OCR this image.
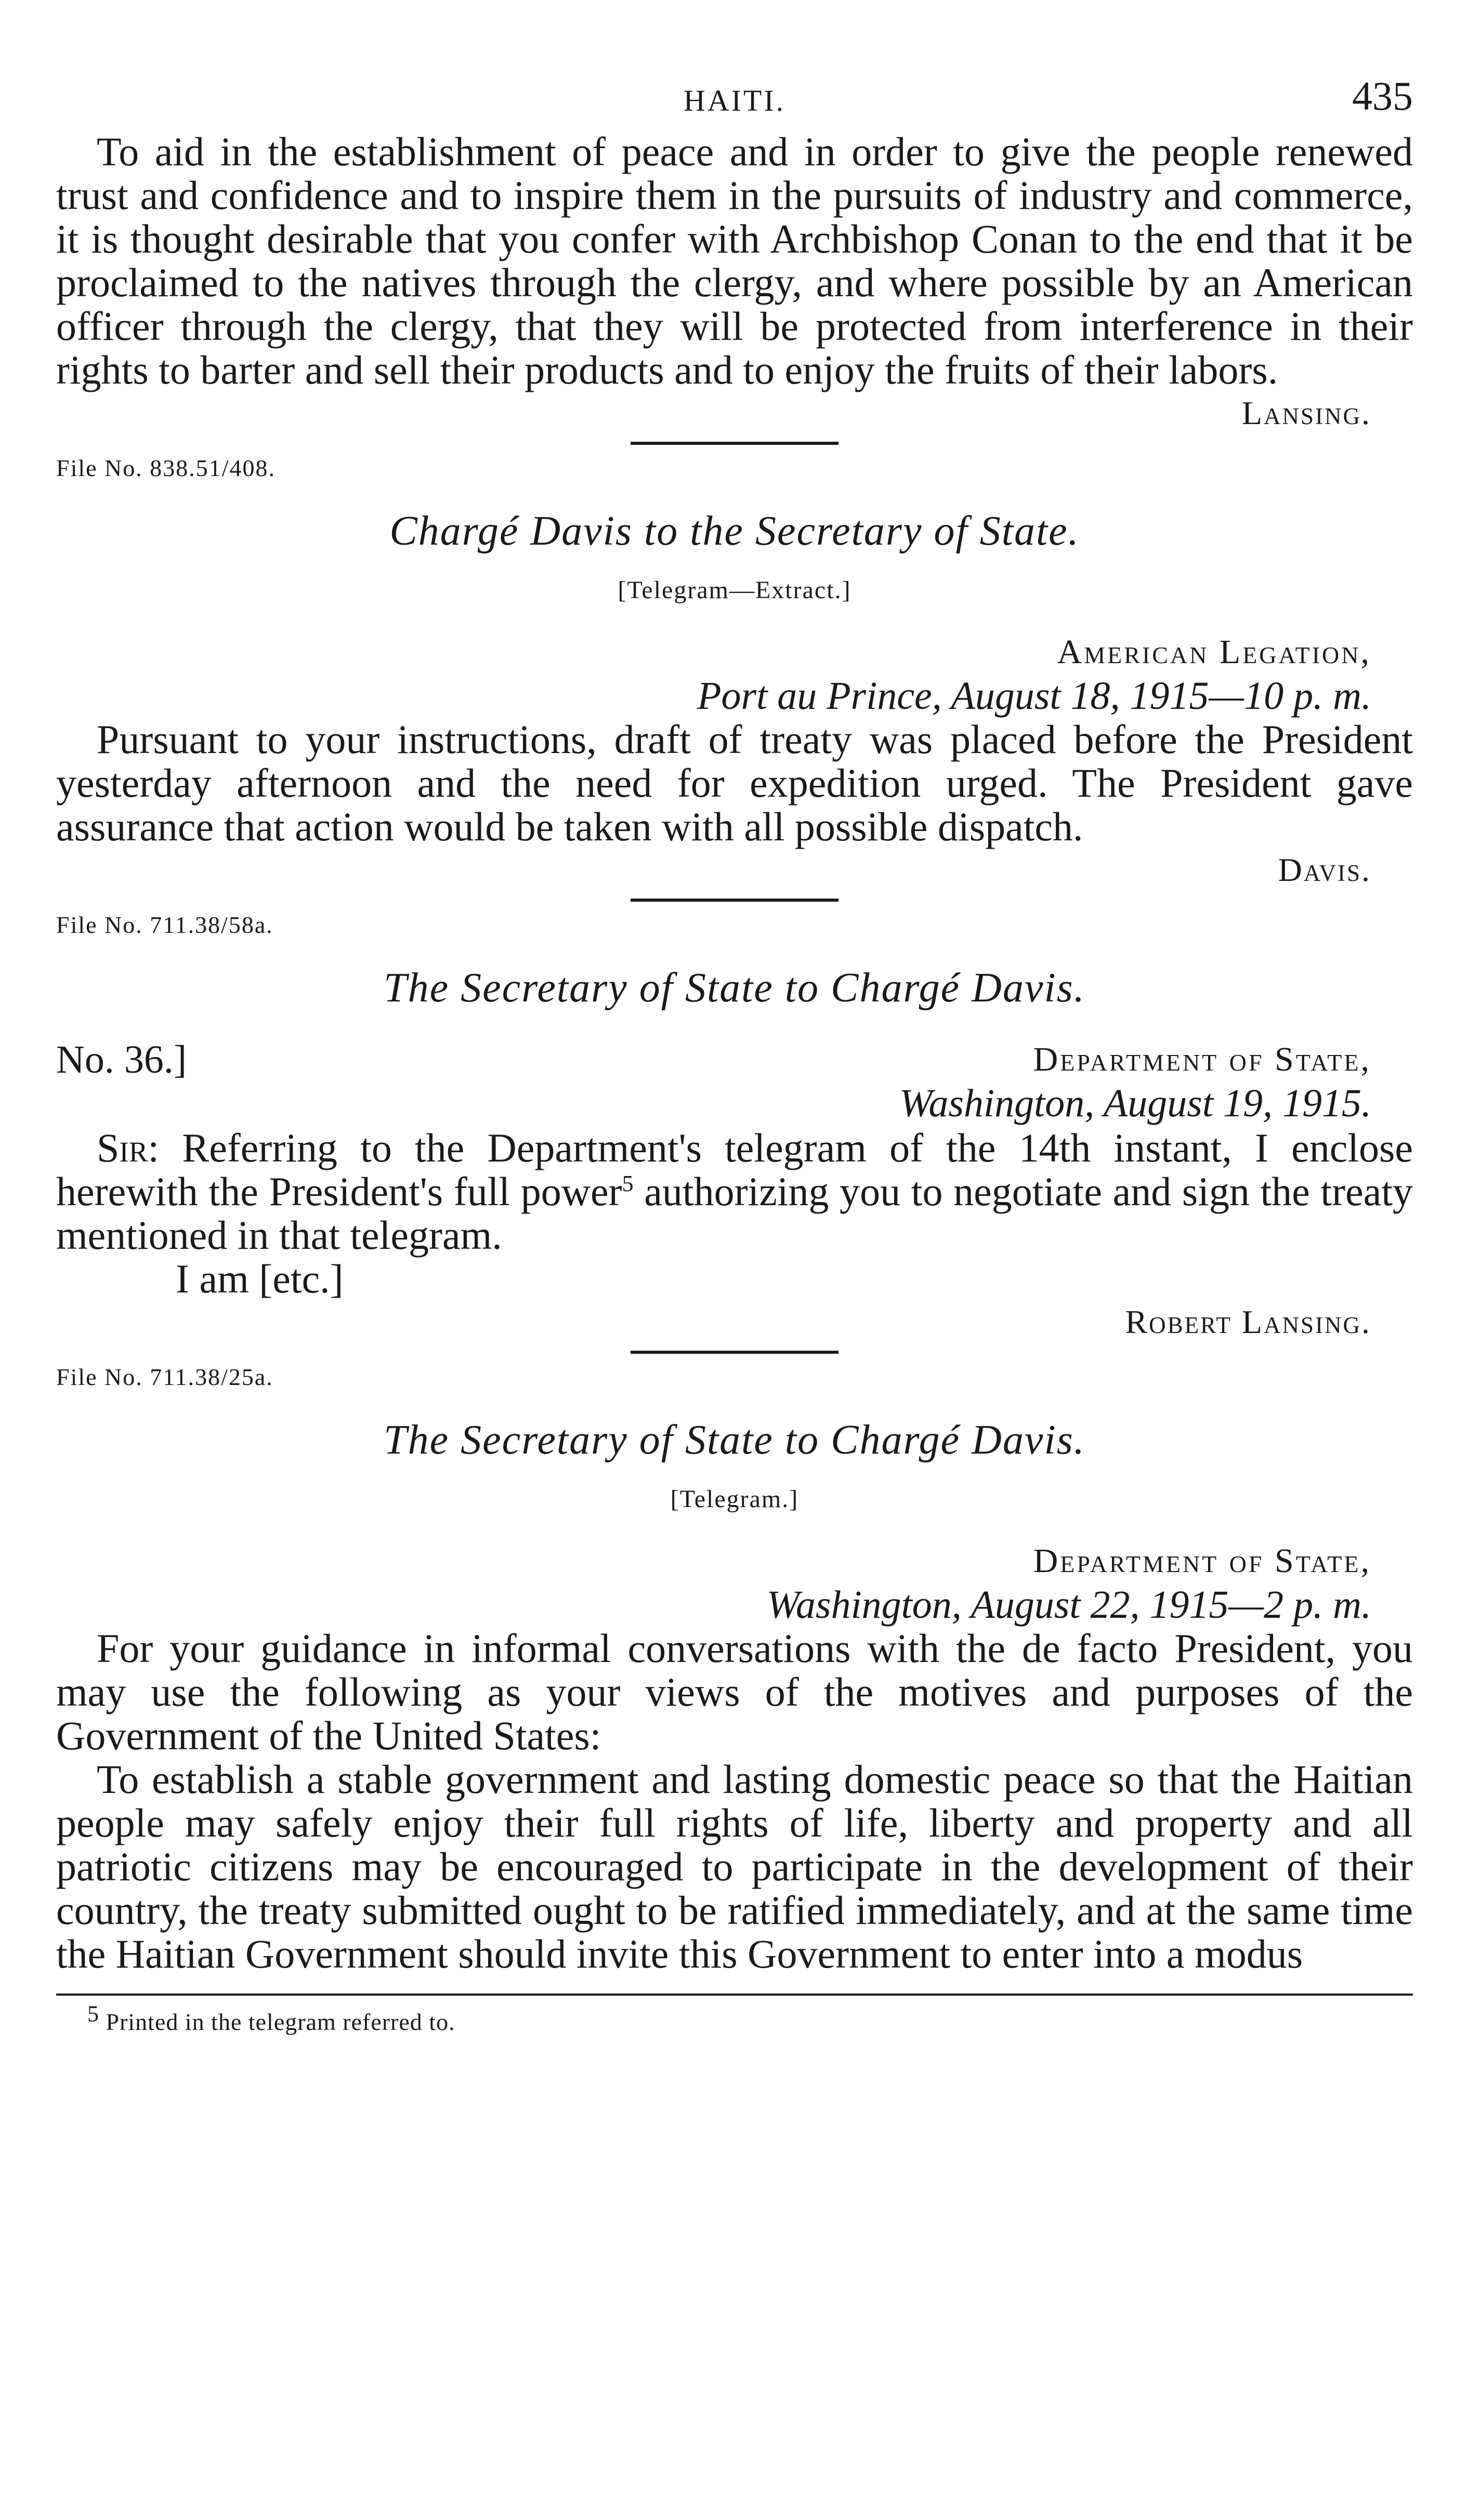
HAITI.	435

To aid in the establishment of peace and in order to give the people renewed trust and confidence and to inspire them in the pursuits of industry and commerce, it is thought desirable that you confer with Archbishop Conan to the end that it be proclaimed to the natives through the clergy, and where possible by an American officer through the clergy, that they will be protected from interference in their rights to barter and sell their products and to enjoy the fruits of their labors.

Lansing.
File No. 838.51/408.
Chargé Davis to the Secretary of State.
[Telegram—Extract.]
American Legation,
Port au Prince, August 18, 1915—10 p. m.

Pursuant to your instructions, draft of treaty was placed before the President yesterday afternoon and the need for expedition urged. The President gave assurance that action would be taken with all possible dispatch.

Davis.
File No. 711.38/58a.
The Secretary of State to Chargé Davis.
No. 36.]	Department of State,
Washington, August 19, 1915.

Sir: Referring to the Department's telegram of the 14th instant, I enclose herewith the President's full power$^5$ authorizing you to negotiate and sign the treaty mentioned in that telegram.

I am [etc.]

Robert Lansing.
File No. 711.38/25a.
The Secretary of State to Chargé Davis.
[Telegram.]
Department of State,
Washington, August 22, 1915—2 p. m.

For your guidance in informal conversations with the de facto President, you may use the following as your views of the motives and purposes of the Government of the United States:

To establish a stable government and lasting domestic peace so that the Haitian people may safely enjoy their full rights of life, liberty and property and all patriotic citizens may be encouraged to participate in the development of their country, the treaty submitted ought to be ratified immediately, and at the same time the Haitian Government should invite this Government to enter into a modus

$^5$ Printed in the telegram referred to.
